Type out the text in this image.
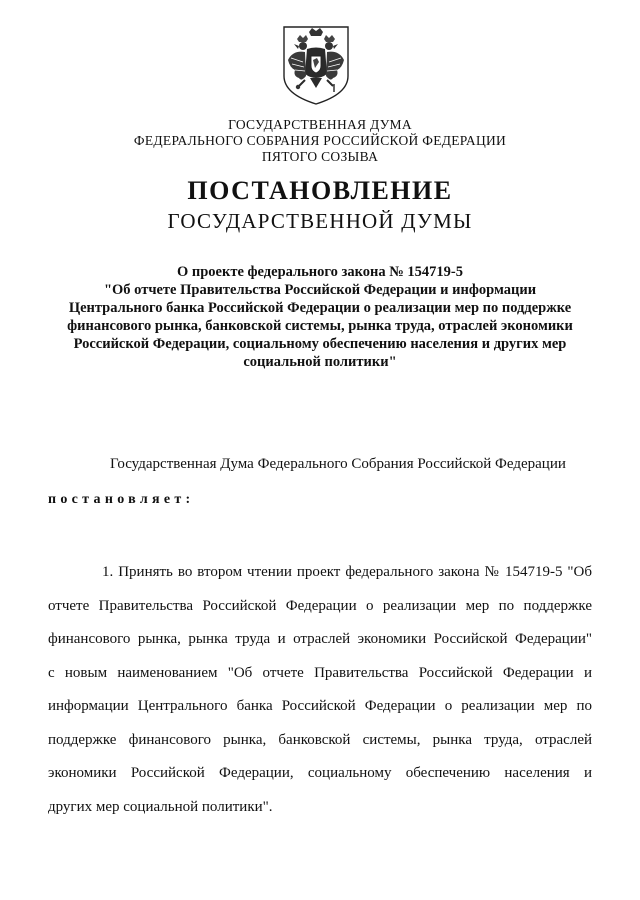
ГОСУДАРСТВЕННАЯ ДУМА
ФЕДЕРАЛЬНОГО СОБРАНИЯ РОССИЙСКОЙ ФЕДЕРАЦИИ
ПЯТОГО СОЗЫВА
ПОСТАНОВЛЕНИЕ
ГОСУДАРСТВЕННОЙ ДУМЫ
О проекте федерального закона № 154719-5
"Об отчете Правительства Российской Федерации и информации
Центрального банка Российской Федерации о реализации мер по поддержке
финансового рынка, банковской системы, рынка труда, отраслей экономики
Российской Федерации, социальному обеспечению населения и других мер
социальной политики"
Государственная Дума Федерального Собрания Российской Федерации
постановляет:
1. Принять во втором чтении проект федерального закона № 154719-5 "Об
отчете Правительства Российской Федерации о реализации мер по поддержке
финансового рынка, рынка труда и отраслей экономики Российской Федерации"
с новым наименованием "Об отчете Правительства Российской Федерации и
информации Центрального банка Российской Федерации о реализации мер по
поддержке финансового рынка, банковской системы, рынка труда, отраслей
экономики Российской Федерации, социальному обеспечению населения и
других мер социальной политики".
